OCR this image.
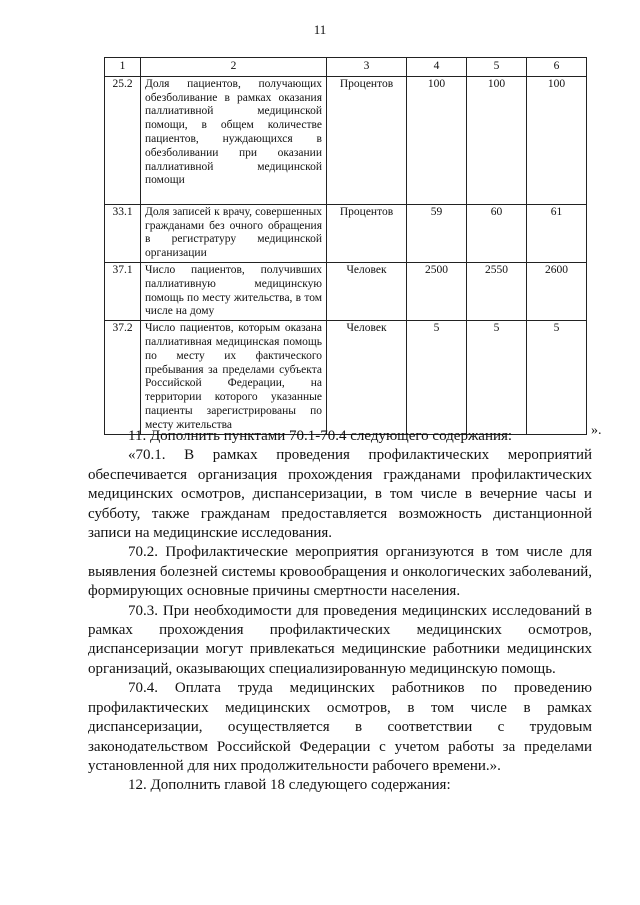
11
1	2	3	4	5	6
25.2	Доля пациентов, получающих обезболивание в рамках оказания паллиативной медицинской помощи, в общем количестве пациентов, нуждающихся в обезболивании при оказании паллиативной медицинской помощи	Процентов	100	100	100
33.1	Доля записей к врачу, совершенных гражданами без очного обращения в регистратуру медицинской организации	Процентов	59	60	61
37.1	Число пациентов, получивших паллиативную медицинскую помощь по месту жительства, в том числе на дому	Человек	2500	2550	2600
37.2	Число пациентов, которым оказана паллиативная медицинская помощь по месту их фактического пребывания за пределами субъекта Российской Федерации, на территории которого указанные пациенты зарегистрированы по месту жительства	Человек	5	5	5
».

11. Дополнить пунктами 70.1-70.4 следующего содержания:

«70.1. В рамках проведения профилактических мероприятий обеспечивается организация прохождения гражданами профилактических медицинских осмотров, диспансеризации, в том числе в вечерние часы и субботу, также гражданам предоставляется возможность дистанционной записи на медицинские исследования.

70.2. Профилактические мероприятия организуются в том числе для выявления болезней системы кровообращения и онкологических заболеваний, формирующих основные причины смертности населения.

70.3. При необходимости для проведения медицинских исследований в рамках прохождения профилактических медицинских осмотров, диспансеризации могут привлекаться медицинские работники медицинских организаций, оказывающих специализированную медицинскую помощь.

70.4. Оплата труда медицинских работников по проведению профилактических медицинских осмотров, в том числе в рамках диспансеризации, осуществляется в соответствии с трудовым законодательством Российской Федерации с учетом работы за пределами установленной для них продолжительности рабочего времени.».

12. Дополнить главой 18 следующего содержания:
